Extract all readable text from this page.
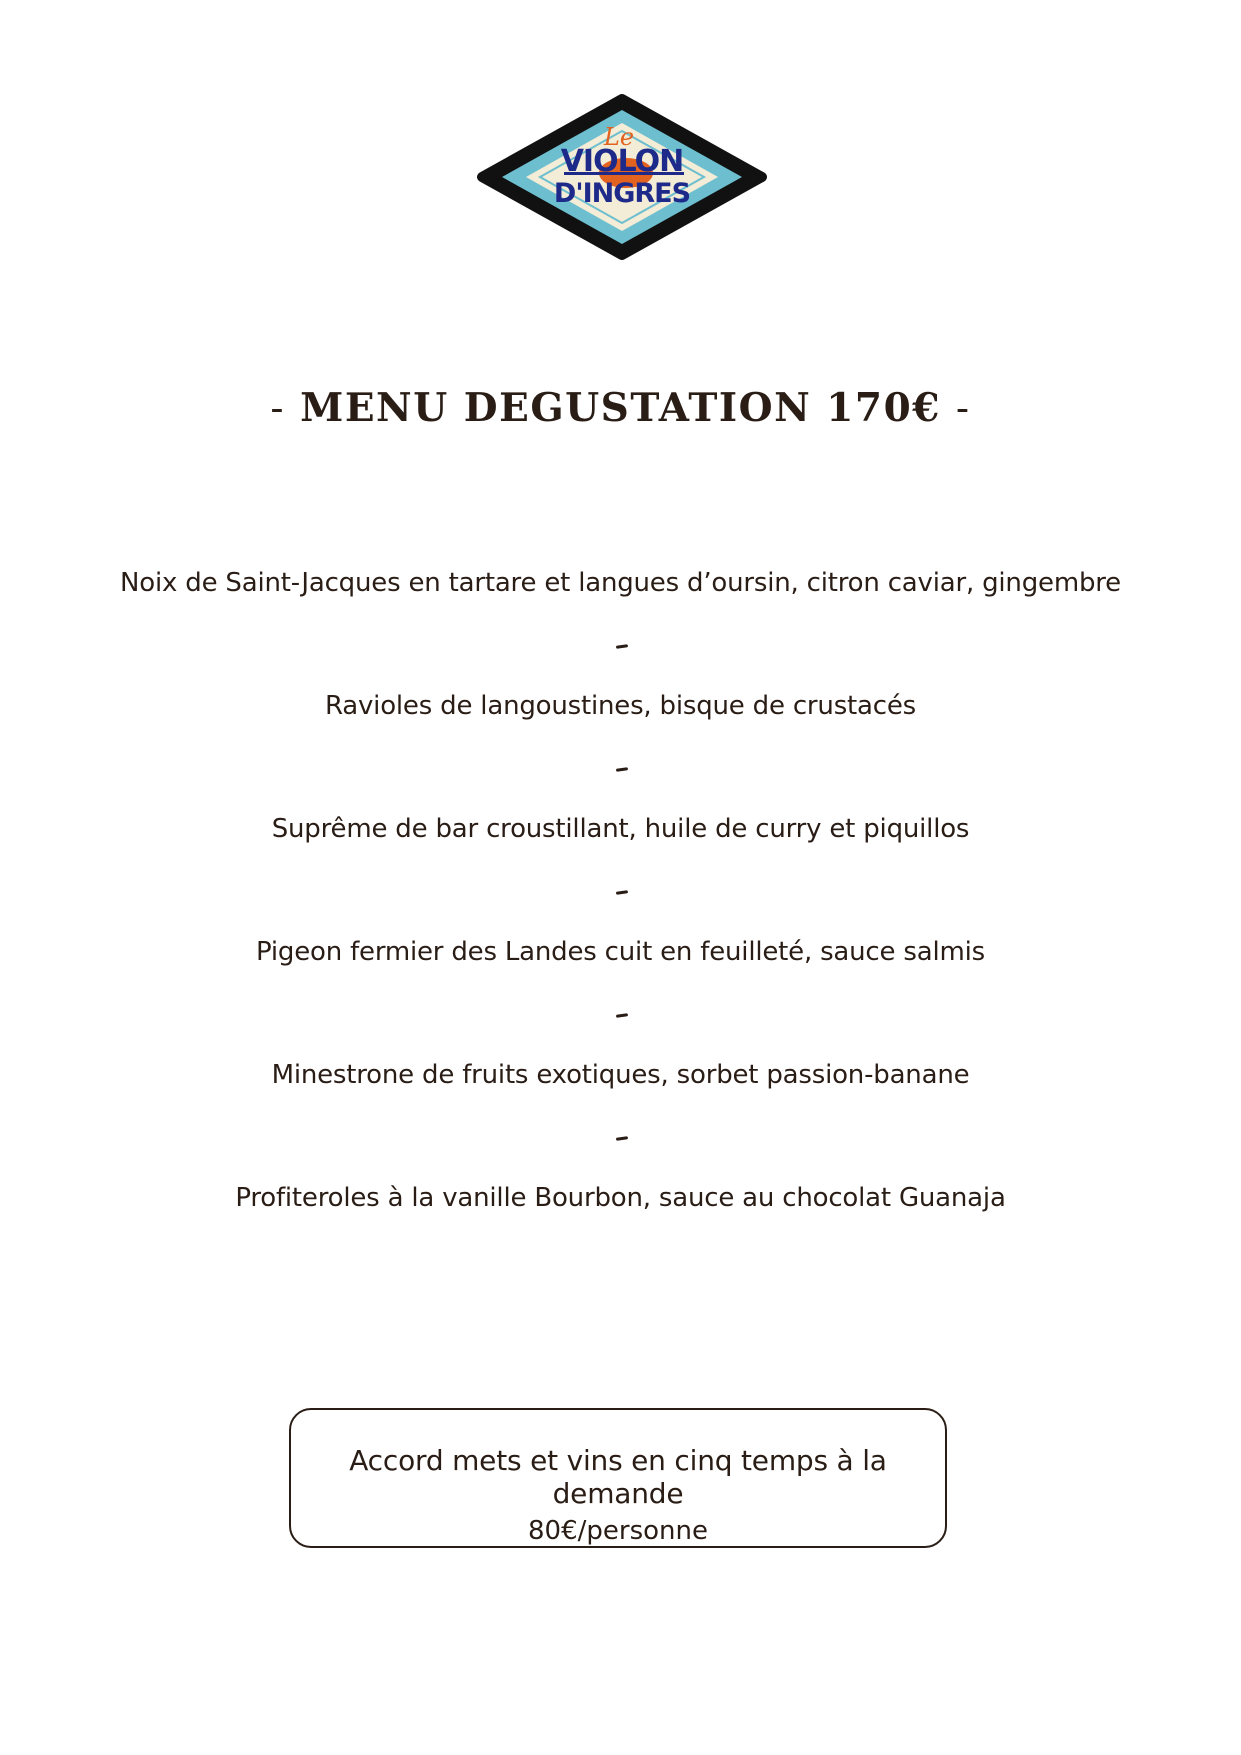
Le
VIOLON
D'INGRES
- MENU DEGUSTATION 170€ -
Noix de Saint-Jacques en tartare et langues d’oursin, citron caviar, gingembre
Ravioles de langoustines, bisque de crustacés
Suprême de bar croustillant, huile de curry et piquillos
Pigeon fermier des Landes cuit en feuilleté, sauce salmis
Minestrone de fruits exotiques, sorbet passion-banane
Profiteroles à la vanille Bourbon, sauce au chocolat Guanaja
Accord mets et vins en cinq temps à la demande
80€/personne
